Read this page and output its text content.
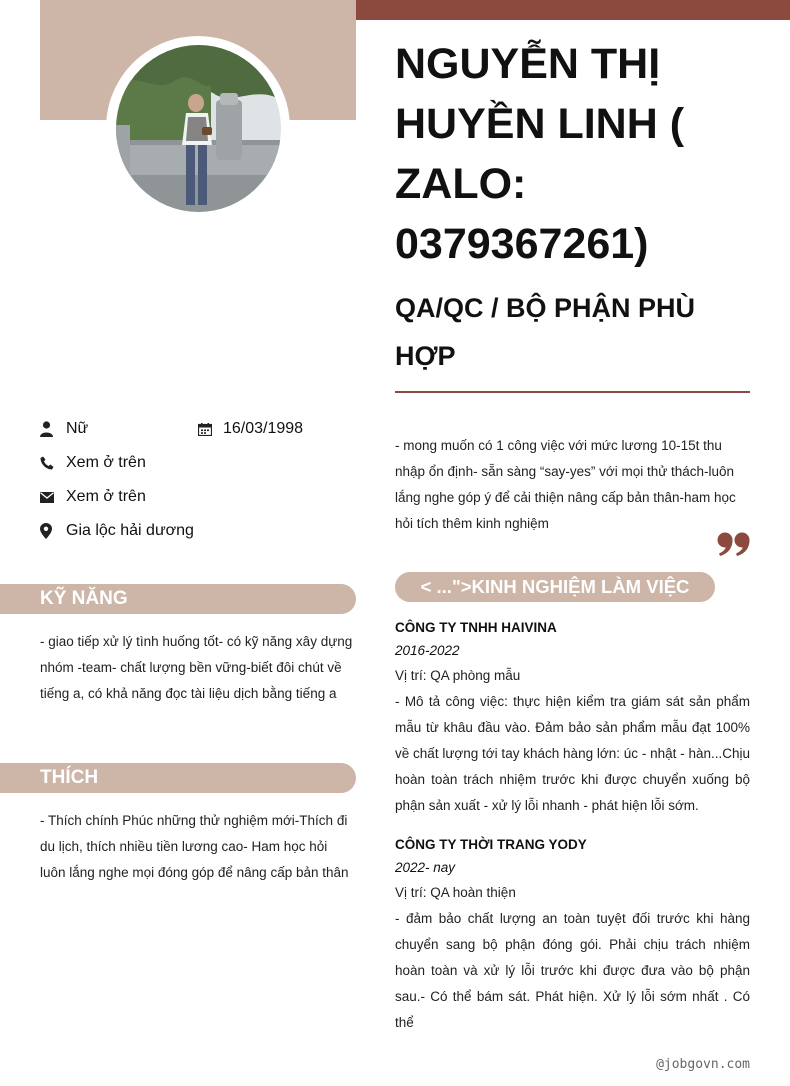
NGUYỄN THỊ HUYỀN LINH ( ZALO: 0379367261)
QA/QC / BỘ PHẬN PHÙ HỢP
Nữ	16/03/1998
Xem ở trên
Xem ở trên
Gia lộc hải dương
- mong muốn có 1 công việc với mức lương 10-15t thu nhập ổn định- sẵn sàng “say-yes” với mọi thử thách-luôn lắng nghe góp ý để cải thiện nâng cấp bản thân-ham học hỏi tích thêm kinh nghiệm
KỸ NĂNG
- giao tiếp xử lý tình huống tốt- có kỹ năng xây dựng nhóm -team- chất lượng bền vững-biết đôi chút về tiếng a, có khả năng đọc tài liệu dịch bằng tiếng a
THÍCH
- Thích chính Phúc những thử nghiệm mới-Thích đi du lịch, thích nhiều tiền lương cao- Ham học hỏi luôn lắng nghe mọi đóng góp để nâng cấp bản thân
< ...">KINH NGHIỆM LÀM VIỆC
CÔNG TY TNHH HAIVINA
2016-2022
Vị trí: QA phòng mẫu
- Mô tả công việc: thực hiện kiểm tra giám sát sản phẩm mẫu từ khâu đầu vào. Đảm bảo sản phẩm mẫu đạt 100% về chất lượng tới tay khách hàng lớn: úc - nhật - hàn...Chịu hoàn toàn trách nhiệm trước khi được chuyển xuống bộ phận sản xuất - xử lý lỗi nhanh - phát hiện lỗi sớm.
CÔNG TY THỜI TRANG YODY
2022- nay
Vị trí: QA hoàn thiện
- đảm bảo chất lượng an toàn tuyệt đối trước khi hàng chuyển sang bộ phận đóng gói. Phải chịu trách nhiệm hoàn toàn và xử lý lỗi trước khi được đưa vào bộ phận sau.- Có thể bám sát. Phát hiện. Xử lý lỗi sớm nhất . Có thể
@jobgovn.com
